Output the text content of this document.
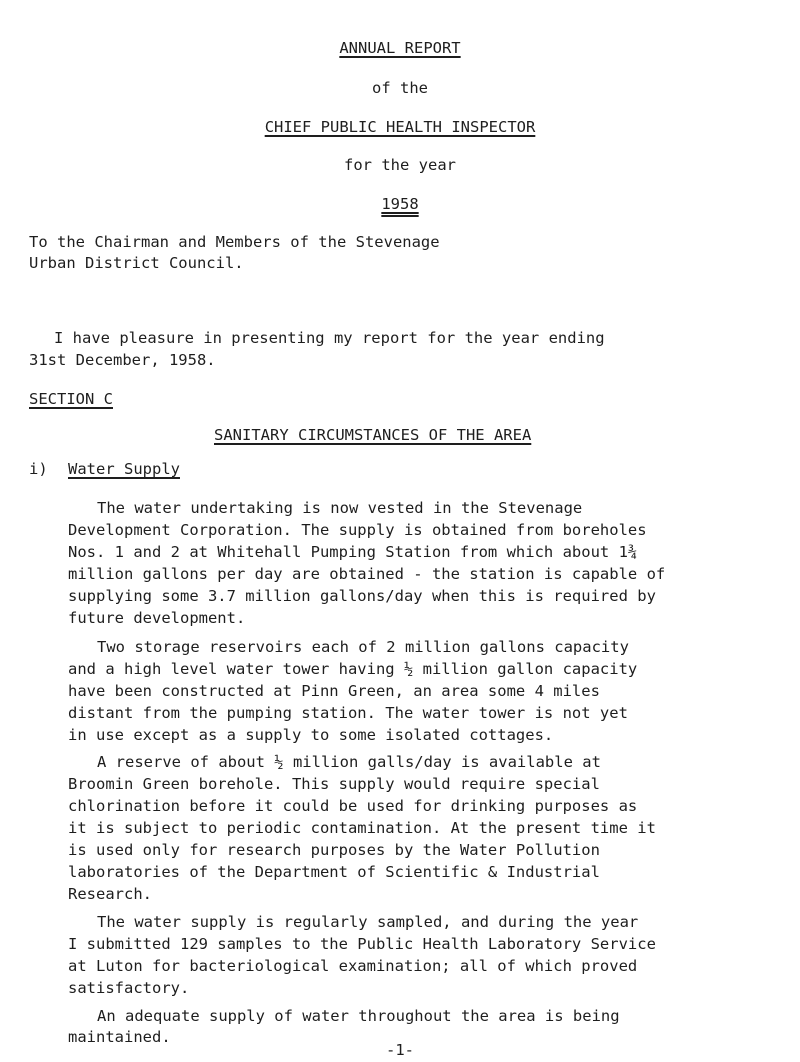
ANNUAL REPORT
of the
CHIEF PUBLIC HEALTH INSPECTOR
for the year
1958
To the Chairman and Members of the Stevenage
Urban District Council.
I have pleasure in presenting my report for the year ending
31st December, 1958.
SECTION C
SANITARY CIRCUMSTANCES OF THE AREA
i) Water Supply
The water undertaking is now vested in the Stevenage
Development Corporation. The supply is obtained from boreholes
Nos. 1 and 2 at Whitehall Pumping Station from which about 1¾
million gallons per day are obtained - the station is capable of
supplying some 3.7 million gallons/day when this is required by
future development.
Two storage reservoirs each of 2 million gallons capacity
and a high level water tower having ½ million gallon capacity
have been constructed at Pinn Green, an area some 4 miles
distant from the pumping station. The water tower is not yet
in use except as a supply to some isolated cottages.
A reserve of about ½ million galls/day is available at
Broomin Green borehole. This supply would require special
chlorination before it could be used for drinking purposes as
it is subject to periodic contamination. At the present time it
is used only for research purposes by the Water Pollution
laboratories of the Department of Scientific & Industrial
Research.
The water supply is regularly sampled, and during the year
I submitted 129 samples to the Public Health Laboratory Service
at Luton for bacteriological examination; all of which proved
satisfactory.
An adequate supply of water throughout the area is being
maintained.
-1-
